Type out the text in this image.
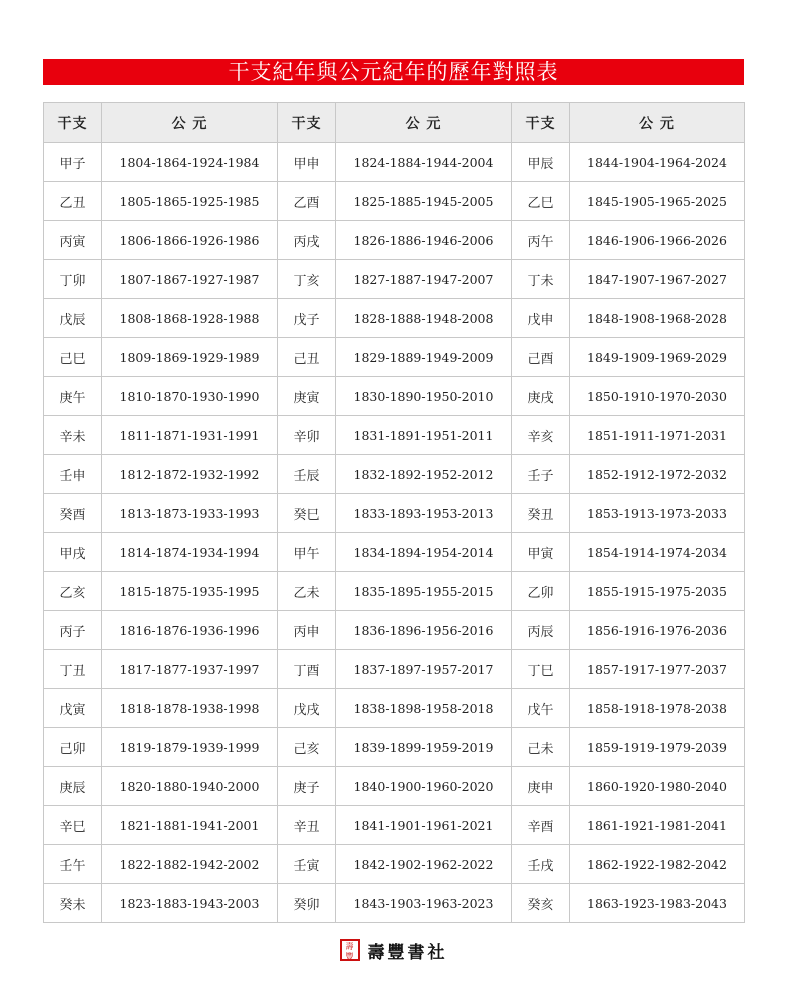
干支紀年與公元紀年的歷年對照表
干支	公 元	干支	公 元	干支	公 元
甲子	1804-1864-1924-1984	甲申	1824-1884-1944-2004	甲辰	1844-1904-1964-2024
乙丑	1805-1865-1925-1985	乙酉	1825-1885-1945-2005	乙巳	1845-1905-1965-2025
丙寅	1806-1866-1926-1986	丙戌	1826-1886-1946-2006	丙午	1846-1906-1966-2026
丁卯	1807-1867-1927-1987	丁亥	1827-1887-1947-2007	丁未	1847-1907-1967-2027
戊辰	1808-1868-1928-1988	戊子	1828-1888-1948-2008	戊申	1848-1908-1968-2028
己巳	1809-1869-1929-1989	己丑	1829-1889-1949-2009	己酉	1849-1909-1969-2029
庚午	1810-1870-1930-1990	庚寅	1830-1890-1950-2010	庚戌	1850-1910-1970-2030
辛未	1811-1871-1931-1991	辛卯	1831-1891-1951-2011	辛亥	1851-1911-1971-2031
壬申	1812-1872-1932-1992	壬辰	1832-1892-1952-2012	壬子	1852-1912-1972-2032
癸酉	1813-1873-1933-1993	癸巳	1833-1893-1953-2013	癸丑	1853-1913-1973-2033
甲戌	1814-1874-1934-1994	甲午	1834-1894-1954-2014	甲寅	1854-1914-1974-2034
乙亥	1815-1875-1935-1995	乙未	1835-1895-1955-2015	乙卯	1855-1915-1975-2035
丙子	1816-1876-1936-1996	丙申	1836-1896-1956-2016	丙辰	1856-1916-1976-2036
丁丑	1817-1877-1937-1997	丁酉	1837-1897-1957-2017	丁巳	1857-1917-1977-2037
戊寅	1818-1878-1938-1998	戊戌	1838-1898-1958-2018	戊午	1858-1918-1978-2038
己卯	1819-1879-1939-1999	己亥	1839-1899-1959-2019	己未	1859-1919-1979-2039
庚辰	1820-1880-1940-2000	庚子	1840-1900-1960-2020	庚申	1860-1920-1980-2040
辛巳	1821-1881-1941-2001	辛丑	1841-1901-1961-2021	辛酉	1861-1921-1981-2041
壬午	1822-1882-1942-2002	壬寅	1842-1902-1962-2022	壬戌	1862-1922-1982-2042
癸未	1823-1883-1943-2003	癸卯	1843-1903-1963-2023	癸亥	1863-1923-1983-2043
壽豐 壽豐書社
